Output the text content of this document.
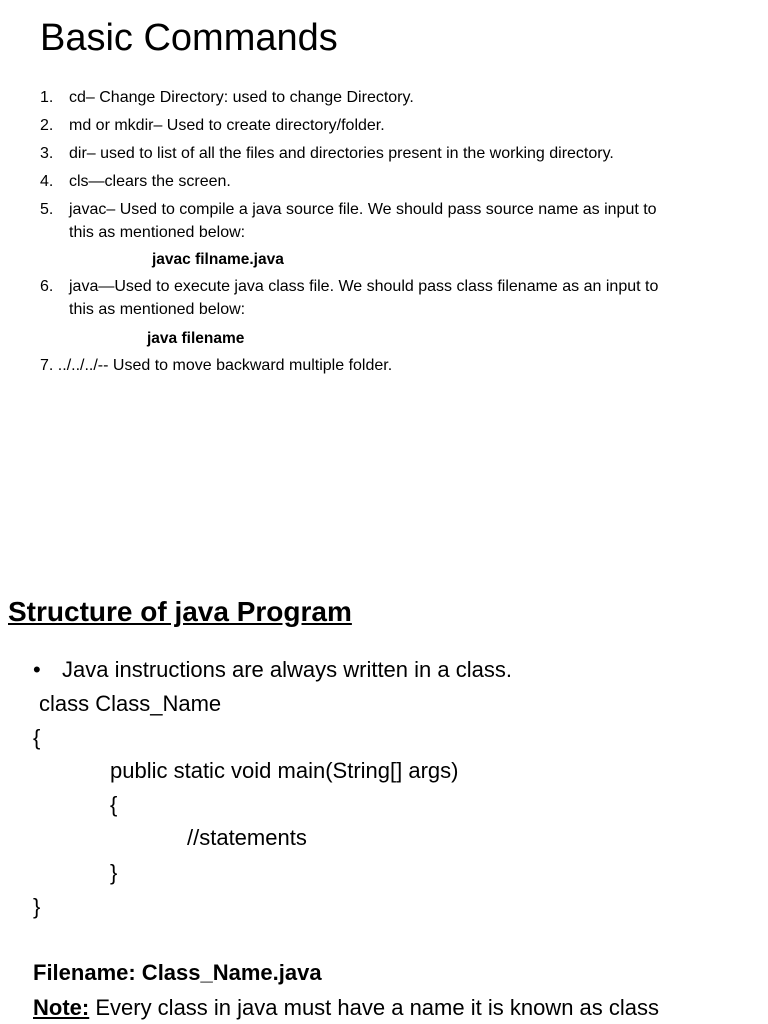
Basic Commands
1. cd– Change Directory: used to change Directory.
2. md or mkdir– Used to create directory/folder.
3. dir– used to list of all the files and directories present in the working directory.
4. cls—clears the screen.
5. javac– Used to compile a java source file. We should pass source name as input to
this as mentioned below:
javac filname.java
6. java—Used to execute java class file. We should pass class filename as an input to
this as mentioned below:
java filename
7. ../../../-- Used to move backward multiple folder.
Structure of java Program
• Java instructions are always written in a class.
class Class_Name
{
public static void main(String[] args)
{
//statements
}
}
Filename: Class_Name.java
Note: Every class in java must have a name it is known as class
